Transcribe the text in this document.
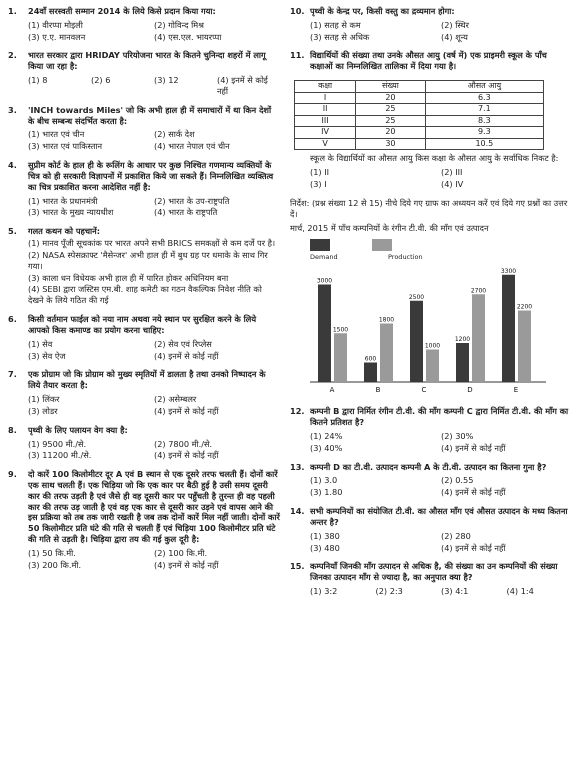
1.	24वाँ सरस्वती सम्मान 2014 के लिये किसे प्रदान किया गया:
(1) वीरप्पा मोइली	(2) गोविन्द मिश्र
(3) ए.ए. मानवलन	(4) एस.एल. भायरप्पा
2.	भारत सरकार द्वारा HRIDAY परियोजना भारत के कितने चुनिन्दा शहरों में लागू किया जा रहा है:
(1) 8	(2) 6	(3) 12	(4) इनमें से कोई नहीं
3.	'INCH towards Miles' जो कि अभी हाल ही में समाचारों में था किन देशों के बीच सम्बन्ध संदर्भित करता है:
(1) भारत एवं चीन	(2) सार्क देश
(3) भारत एवं पाकिस्तान	(4) भारत नेपाल एवं चीन
4.	सुप्रीम कोर्ट के हाल ही के रूलिंग के आधार पर कुछ निश्चित गणमान्य व्यक्तियों के चित्र को ही सरकारी विज्ञापनों में प्रकाशित किये जा सकते हैं। निम्नलिखित व्यक्तित्व का चित्र प्रकाशित करना आदेशित नहीं है:
(1) भारत के प्रधानमंत्री	(2) भारत के उप-राष्ट्रपति
(3) भारत के मुख्य न्यायधीश	(4) भारत के राष्ट्रपति
5.	गलत कथन को पहचानें:
(1) मानव पूँजी सूचकांक पर भारत अपने सभी BRICS समकक्षों से कम दर्जे पर है।
(2) NASA स्पेसक्राफ्ट 'मैसेन्जर' अभी हाल ही में बुध ग्रह पर धमाके के साथ गिर गया।
(3) काला धन विधेयक अभी हाल ही में पारित होकर अधिनियम बना
(4) SEBI द्वारा जस्टिस एम.बी. शाह कमेटी का गठन वैकल्पिक निवेश नीति को देखने के लिये गठित की गई
6.	किसी वर्तमान फाईल को नया नाम अथवा नये स्थान पर सुरक्षित करने के लिये आपको किस कमाण्ड का प्रयोग करना चाहिए:
(1) सेव	(2) सेव एवं रिप्लेस
(3) सेव ऐज	(4) इनमें से कोई नहीं
7.	एक प्रोग्राम जो कि प्रोग्राम को मुख्य स्मृतियों में डालता है तथा उनको निष्पादन के लिये तैयार करता है:
(1) लिंकर	(2) असेम्बलर
(3) लोडर	(4) इनमें से कोई नहीं
8.	पृथ्वी के लिए पलायन वेग क्या है:
(1) 9500 मी./से.	(2) 7800 मी./से.
(3) 11200 मी./से.	(4) इनमें से कोई नहीं
9.	दो कारें 100 किलोमीटर दूर A एवं B स्थान से एक दूसरे तरफ चलती हैं। दोनों कारें एक साथ चलती हैं। एक चिड़िया जो कि एक कार पर बैठी हुई है उसी समय दूसरी कार की तरफ उड़ती है एवं जैसे ही वह दूसरी कार पर पहुँचती है तुरन्त ही वह पहली कार की तरफ उड़ जाती है एवं वह एक कार से दूसरी कार उड़ने एवं वापस आने की इस प्रक्रिया को तब तक जारी रखती है जब तक दोनों कारें मिल नहीं जाती। दोनों कारें 50 किलोमीटर प्रति घंटे की गति से चलती हैं एवं चिड़िया 100 किलोमीटर प्रति घंटे की गति से उड़ती है। चिड़िया द्वारा तय की गई कुल दूरी है:
(1) 50 कि.मी.	(2) 100 कि.मी.
(3) 200 कि.मी.	(4) इनमें से कोई नहीं
10. पृथ्वी के केन्द्र पर, किसी वस्तु का द्रव्यमान होगा:
(1) सतह से कम	(2) स्थिर
(3) सतह से अधिक	(4) शून्य
11. विद्यार्थियों की संख्या तथा उनके औसत आयु (वर्ष में) एक प्राइमरी स्कूल के पाँच कक्षाओं का निम्नलिखित तालिका में दिया गया है।
कक्षा	संख्या	औसत आयु
I	20	6.3
II	25	7.1
III	25	8.3
IV	20	9.3
V	30	10.5
स्कूल के विद्यार्थियों का औसत आयु किस कक्षा के औसत आयु के सर्वाधिक निकट है:
(1) II	(2) III
(3) I	(4) IV
निर्देश: (प्रश्न संख्या 12 से 15) नीचे दिये गए ग्राफ का अध्ययन करें एवं दिये गए प्रश्नों का उत्तर दें।
मार्च, 2015 में पाँच कम्पनियों के रंगीन टी.वी. की माँग एवं उत्पादन
Demand	Production
3000
1500
A
600
1800
B
2500
1000
C
1200
2700
D
3300
2200
E
12. कम्पनी B द्वारा निर्मित रंगीन टी.वी. की माँग कम्पनी C द्वारा निर्मित टी.वी. की माँग का कितने प्रतिशत है?
(1) 24%	(2) 30%
(3) 40%	(4) इनमें से कोई नहीं
13. कम्पनी D का टी.वी. उत्पादन कम्पनी A के टी.वी. उत्पादन का कितना गुना है?
(1) 3.0	(2) 0.55
(3) 1.80	(4) इनमें से कोई नहीं
14. सभी कम्पनियों का संयोजित टी.वी. का औसत माँग एवं औसत उत्पादन के मध्य कितना अन्तर है?
(1) 380	(2) 280
(3) 480	(4) इनमें से कोई नहीं
15. कम्पनियाँ जिनकी माँग उत्पादन से अधिक है, की संख्या का उन कम्पनियों की संख्या जिनका उत्पादन माँग से ज्यादा है, का अनुपात क्या है?
(1) 3:2	(2) 2:3	(3) 4:1	(4) 1:4
